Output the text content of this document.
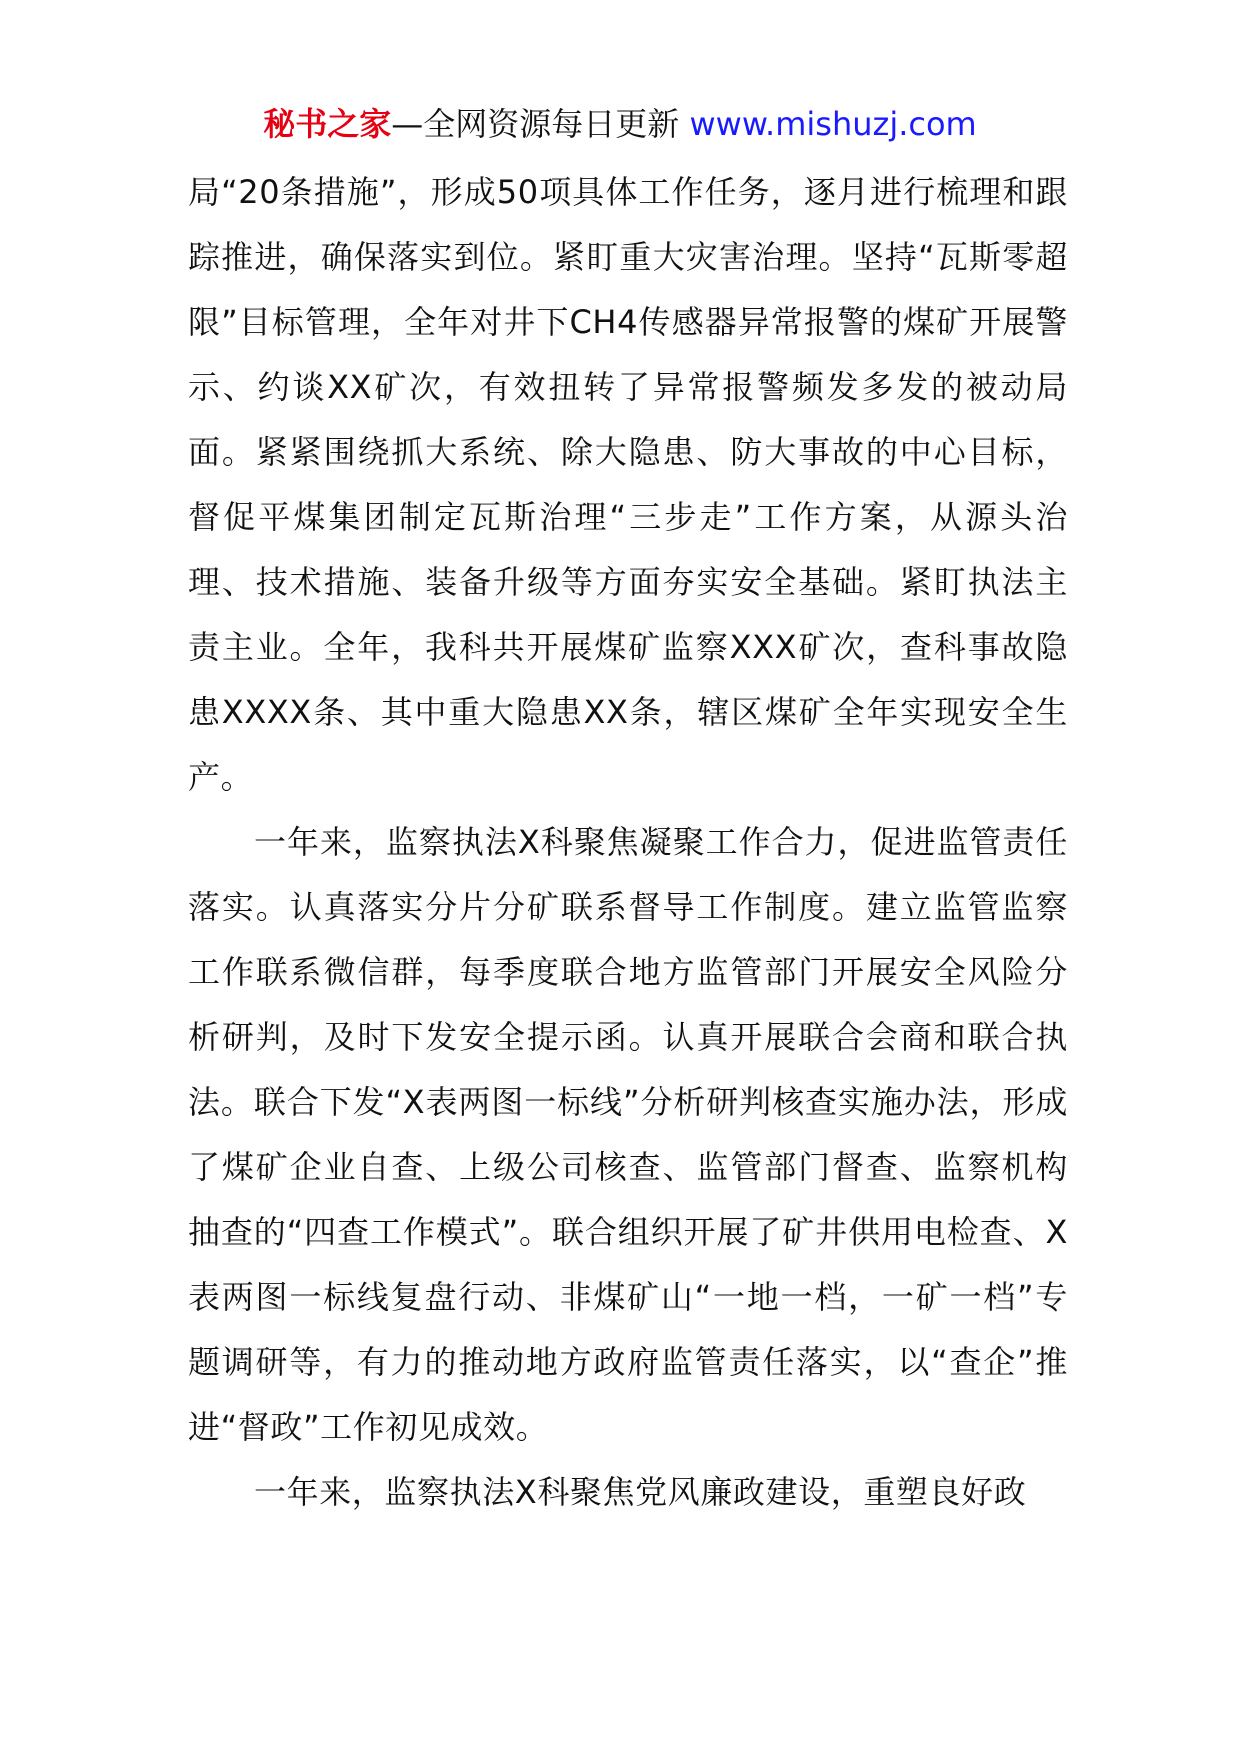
秘书之家—全网资源每日更新 www.mishuzj.com

局“20条措施”，形成50项具体工作任务，逐月进行梳理和跟踪推进，确保落实到位。紧盯重大灾害治理。坚持“瓦斯零超限”目标管理，全年对井下CH4传感器异常报警的煤矿开展警示、约谈XX矿次，有效扭转了异常报警频发多发的被动局面。紧紧围绕抓大系统、除大隐患、防大事故的中心目标，督促平煤集团制定瓦斯治理“三步走”工作方案，从源头治理、技术措施、装备升级等方面夯实安全基础。紧盯执法主责主业。全年，我科共开展煤矿监察XXX矿次，查科事故隐患XXXX条、其中重大隐患XX条，辖区煤矿全年实现安全生产。

一年来，监察执法Ⅹ科聚焦凝聚工作合力，促进监管责任落实。认真落实分片分矿联系督导工作制度。建立监管监察工作联系微信群，每季度联合地方监管部门开展安全风险分析研判，及时下发安全提示函。认真开展联合会商和联合执法。联合下发“X表两图一标线”分析研判核查实施办法，形成了煤矿企业自查、上级公司核查、监管部门督查、监察机构抽查的“四查工作模式”。联合组织开展了矿井供用电检查、X表两图一标线复盘行动、非煤矿山“一地一档，一矿一档”专题调研等，有力的推动地方政府监管责任落实，以“查企”推进“督政”工作初见成效。

一年来，监察执法Ⅹ科聚焦党风廉政建设，重塑良好政
